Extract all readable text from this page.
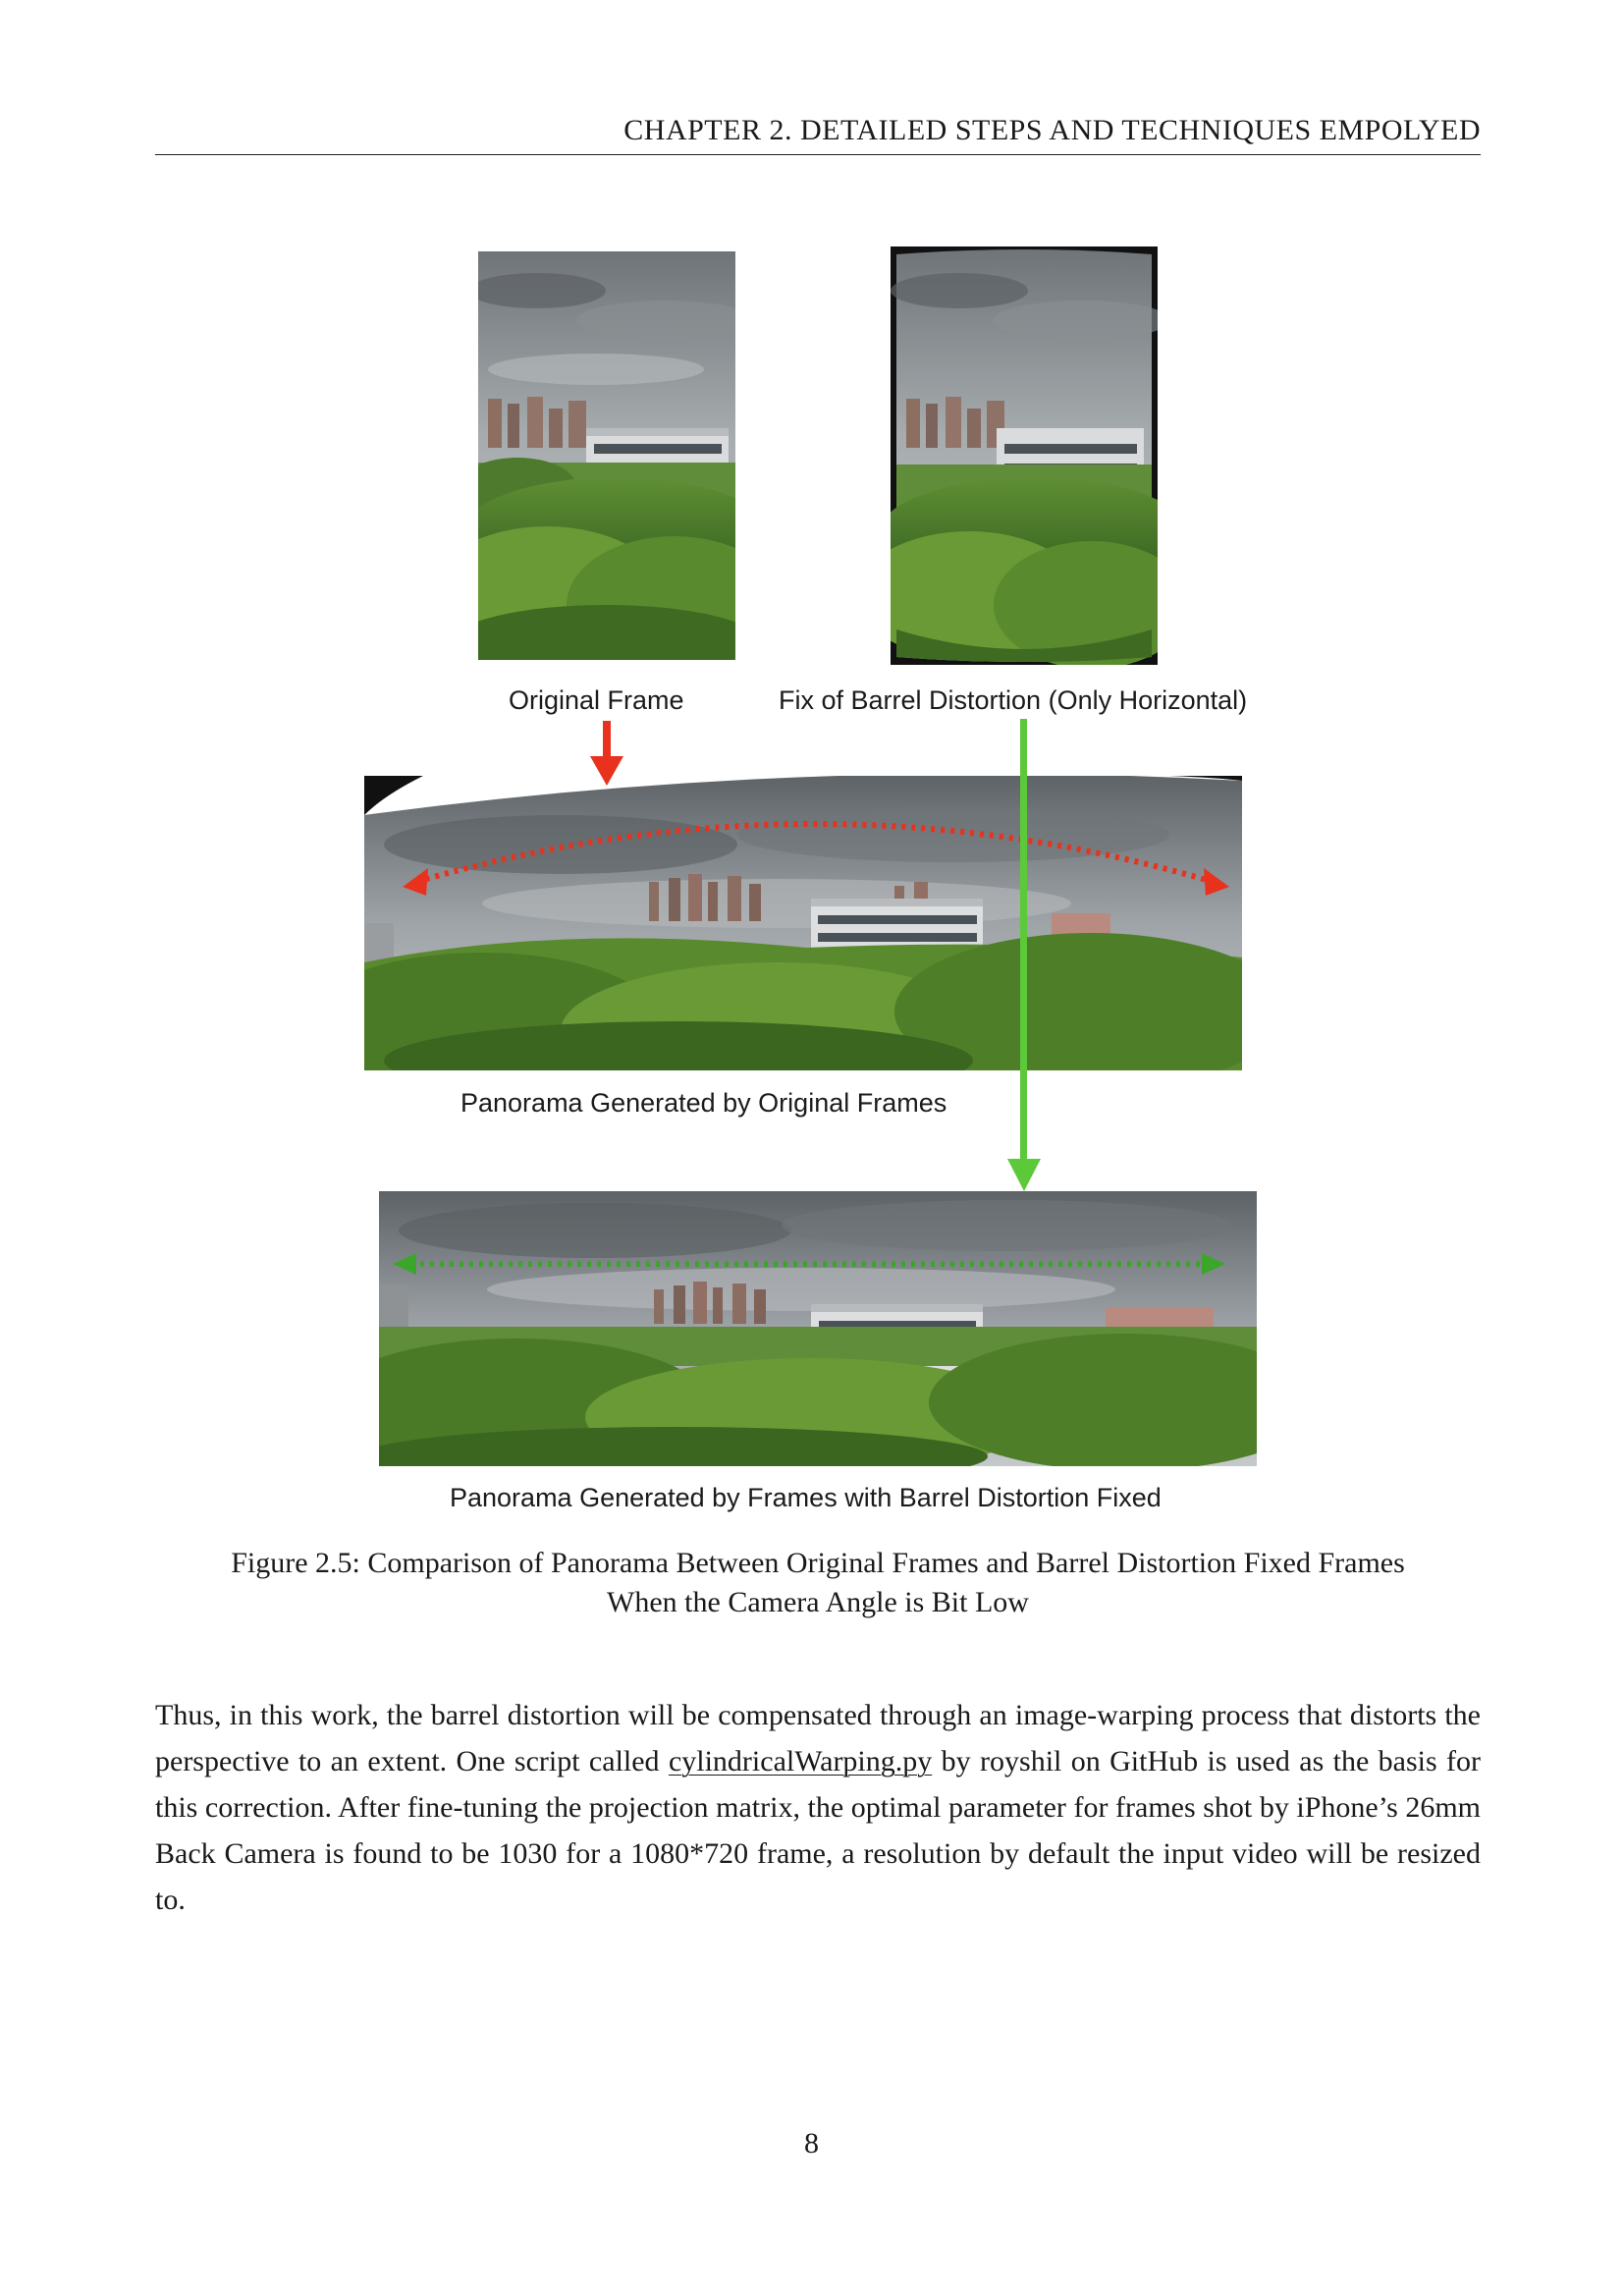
CHAPTER 2. DETAILED STEPS AND TECHNIQUES EMPOLYED
Original Frame	Fix of Barrel Distortion (Only Horizontal)
Panorama Generated by Original Frames
Panorama Generated by Frames with Barrel Distortion Fixed
Figure 2.5: Comparison of Panorama Between Original Frames and Barrel Distortion Fixed Frames
When the Camera Angle is Bit Low
Thus, in this work, the barrel distortion will be compensated through an image-warping process that distorts the perspective to an extent. One script called cylindricalWarping.py by royshil on GitHub is used as the basis for this correction. After fine-tuning the projection matrix, the optimal parameter for frames shot by iPhone’s 26mm Back Camera is found to be 1030 for a 1080*720 frame, a resolution by default the input video will be resized to.
8
